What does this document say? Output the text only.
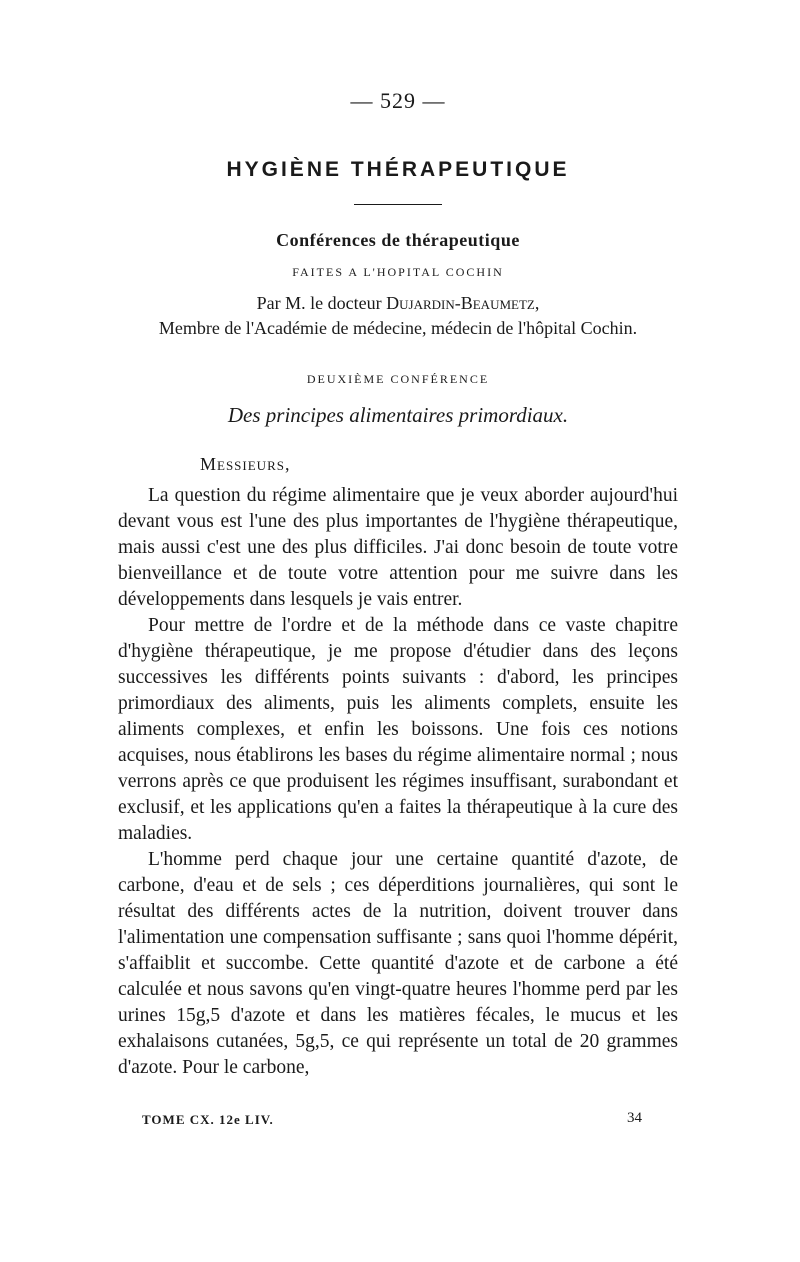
— 529 —
HYGIÈNE THÉRAPEUTIQUE
Conférences de thérapeutique
FAITES A L'HOPITAL COCHIN
Par M. le docteur Dujardin-Beaumetz,
Membre de l'Académie de médecine, médecin de l'hôpital Cochin.
DEUXIÈME CONFÉRENCE
Des principes alimentaires primordiaux.
Messieurs,

La question du régime alimentaire que je veux aborder aujourd'hui devant vous est l'une des plus importantes de l'hygiène thérapeutique, mais aussi c'est une des plus difficiles. J'ai donc besoin de toute votre bienveillance et de toute votre attention pour me suivre dans les développements dans lesquels je vais entrer.

Pour mettre de l'ordre et de la méthode dans ce vaste chapitre d'hygiène thérapeutique, je me propose d'étudier dans des leçons successives les différents points suivants : d'abord, les principes primordiaux des aliments, puis les aliments complets, ensuite les aliments complexes, et enfin les boissons. Une fois ces notions acquises, nous établirons les bases du régime alimentaire normal ; nous verrons après ce que produisent les régimes insuffisant, surabondant et exclusif, et les applications qu'en a faites la thérapeutique à la cure des maladies.

L'homme perd chaque jour une certaine quantité d'azote, de carbone, d'eau et de sels ; ces déperditions journalières, qui sont le résultat des différents actes de la nutrition, doivent trouver dans l'alimentation une compensation suffisante ; sans quoi l'homme dépérit, s'affaiblit et succombe. Cette quantité d'azote et de carbone a été calculée et nous savons qu'en vingt-quatre heures l'homme perd par les urines 15g,5 d'azote et dans les matières fécales, le mucus et les exhalaisons cutanées, 5g,5, ce qui représente un total de 20 grammes d'azote. Pour le carbone,

TOME CX. 12e LIV.	34
